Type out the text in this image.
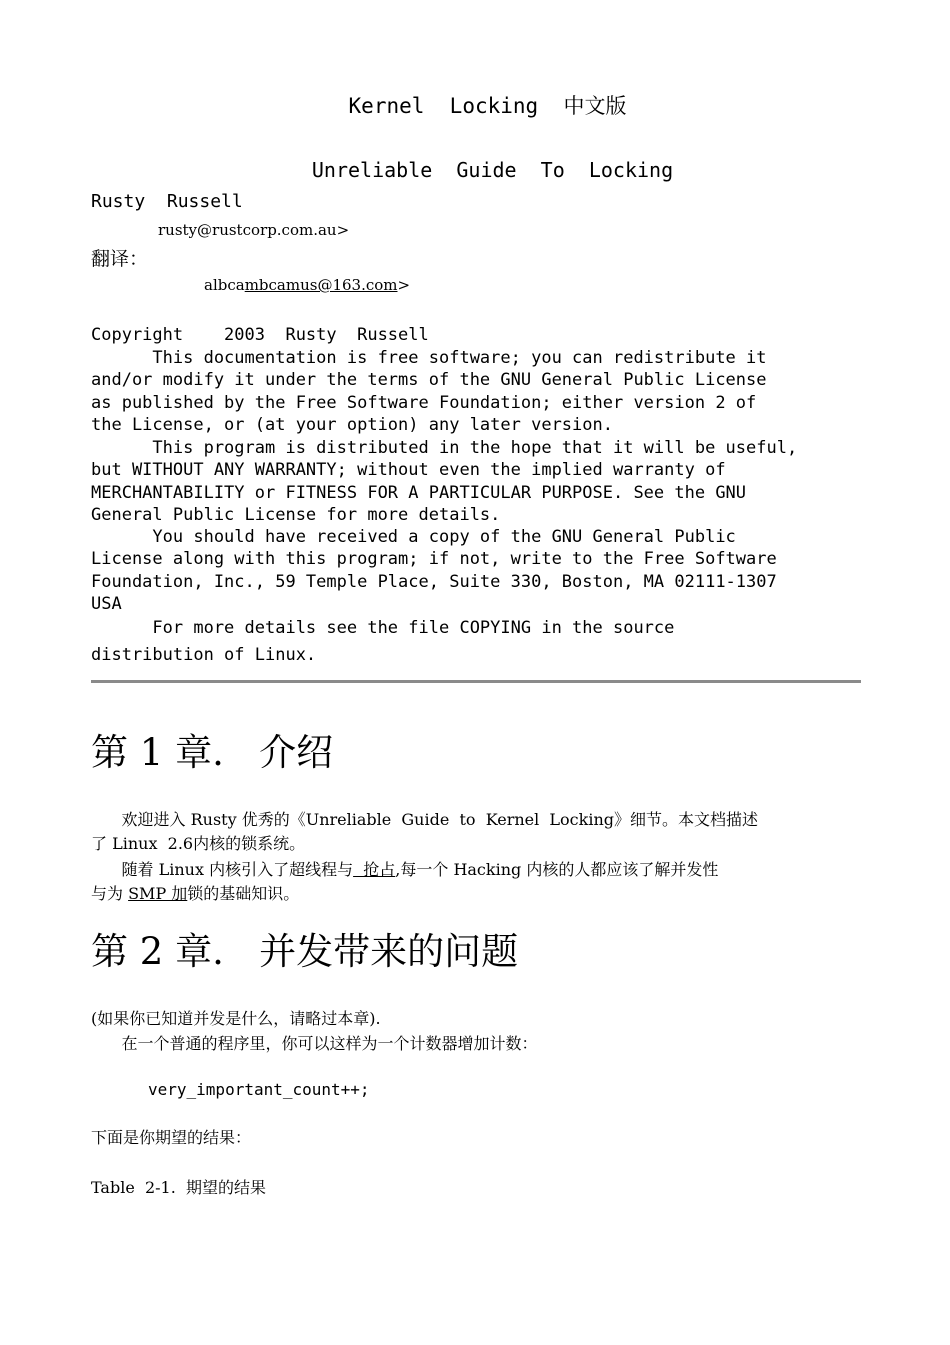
Kernel  Locking  中文版
Unreliable  Guide  To  Locking
Rusty  Russell
rusty@rustcorp.com.au>
翻译：
albcambcamus@163.com>
Copyright    2003  Rusty  Russell
This documentation is free software; you can redistribute it
and/or modify it under the terms of the GNU General Public License
as published by the Free Software Foundation; either version 2 of
the License, or (at your option) any later version.
This program is distributed in the hope that it will be useful,
but WITHOUT ANY WARRANTY; without even the implied warranty of
MERCHANTABILITY or FITNESS FOR A PARTICULAR PURPOSE. See the GNU
General Public License for more details.
You should have received a copy of the GNU General Public
License along with this program; if not, write to the Free Software
Foundation, Inc., 59 Temple Place, Suite 330, Boston, MA 02111-1307
USA
For more details see the file COPYING in the source
distribution of Linux.
第 1 章.   介绍
欢迎进入 Rusty 优秀的《Unreliable  Guide  to  Kernel  Locking》细节。本文档描述
了 Linux  2.6内核的锁系统。
随着 Linux 内核引入了超线程与  抢占,每一个 Hacking 内核的人都应该了解并发性
与为 SMP 加锁的基础知识。
第 2 章.   并发带来的问题
(如果你已知道并发是什么，请略过本章).
在一个普通的程序里，你可以这样为一个计数器增加计数：
very_important_count++;
下面是你期望的结果：
Table  2-1.  期望的结果
